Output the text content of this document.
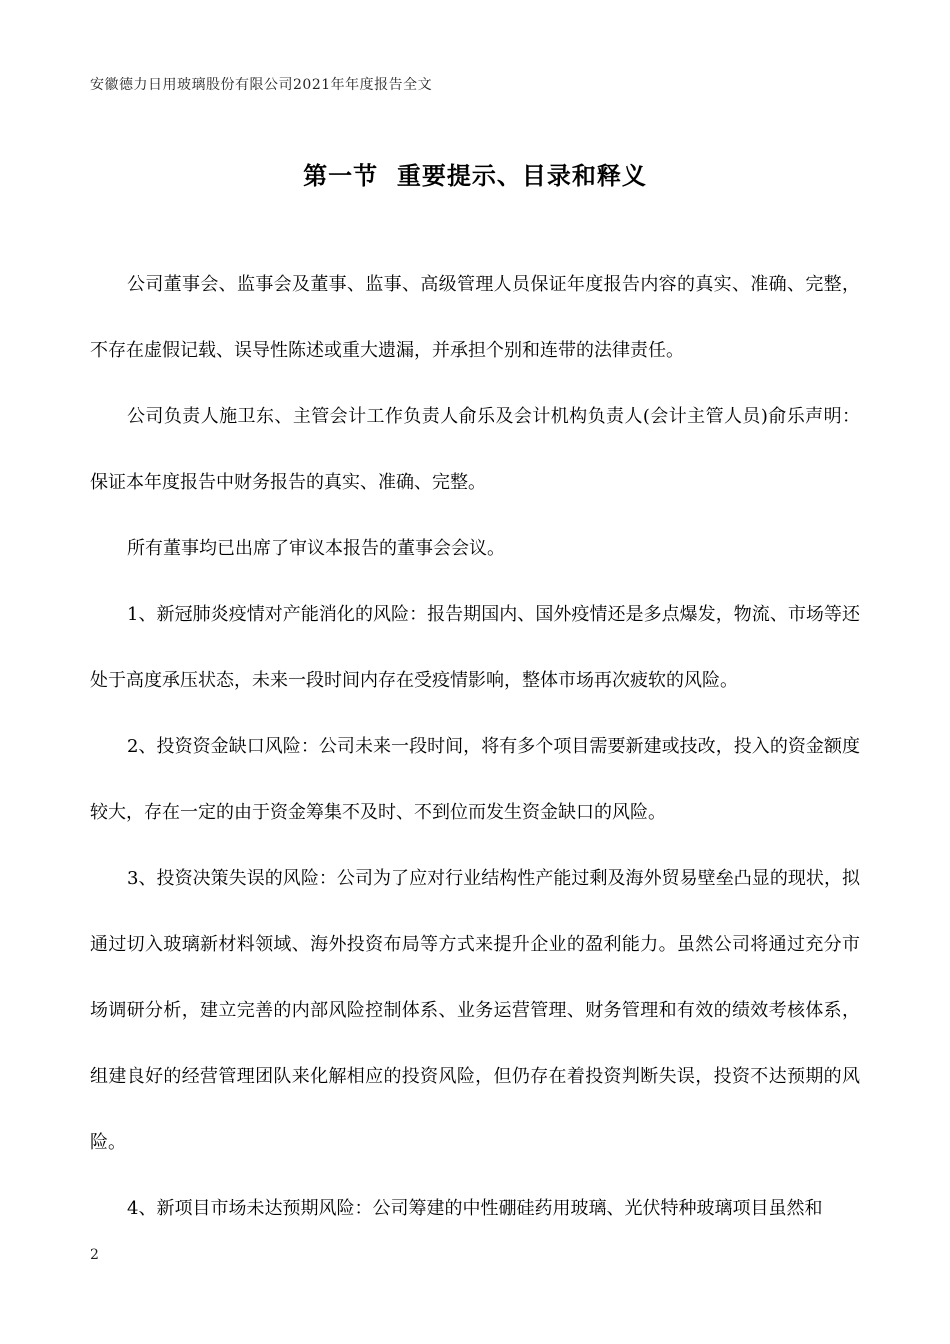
安徽德力日用玻璃股份有限公司2021年年度报告全文
第一节  重要提示、目录和释义

公司董事会、监事会及董事、监事、高级管理人员保证年度报告内容的真实、准确、完整，不存在虚假记载、误导性陈述或重大遗漏，并承担个别和连带的法律责任。

公司负责人施卫东、主管会计工作负责人俞乐及会计机构负责人(会计主管人员)俞乐声明：保证本年度报告中财务报告的真实、准确、完整。

所有董事均已出席了审议本报告的董事会会议。

1、新冠肺炎疫情对产能消化的风险：报告期国内、国外疫情还是多点爆发，物流、市场等还处于高度承压状态，未来一段时间内存在受疫情影响，整体市场再次疲软的风险。

2、投资资金缺口风险：公司未来一段时间，将有多个项目需要新建或技改，投入的资金额度较大，存在一定的由于资金筹集不及时、不到位而发生资金缺口的风险。

3、投资决策失误的风险：公司为了应对行业结构性产能过剩及海外贸易壁垒凸显的现状，拟通过切入玻璃新材料领域、海外投资布局等方式来提升企业的盈利能力。虽然公司将通过充分市场调研分析，建立完善的内部风险控制体系、业务运营管理、财务管理和有效的绩效考核体系，组建良好的经营管理团队来化解相应的投资风险，但仍存在着投资判断失误，投资不达预期的风险。

4、新项目市场未达预期风险：公司筹建的中性硼硅药用玻璃、光伏特种玻璃项目虽然和

2
